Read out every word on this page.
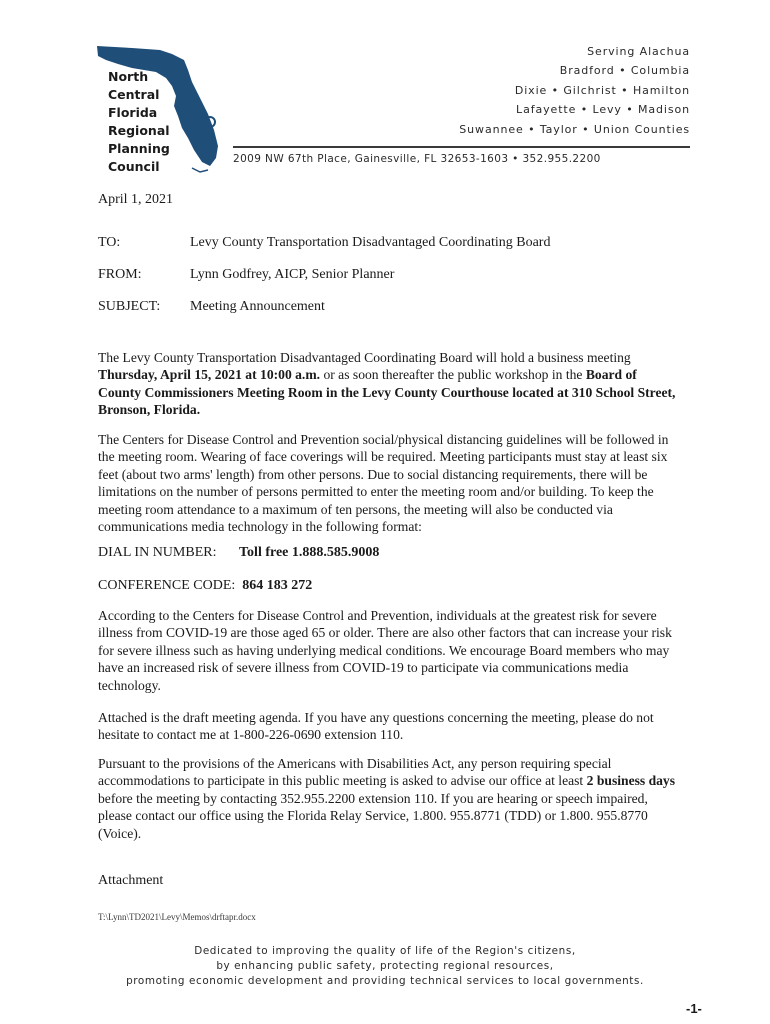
North
Central
Florida
Regional
Planning
Council
Serving Alachua
Bradford • Columbia
Dixie • Gilchrist • Hamilton
Lafayette • Levy • Madison
Suwannee • Taylor • Union Counties
2009 NW 67th Place, Gainesville, FL 32653-1603 • 352.955.2200
April 1, 2021
TO:	Levy County Transportation Disadvantaged Coordinating Board
FROM:	Lynn Godfrey, AICP, Senior Planner
SUBJECT: Meeting Announcement
The Levy County Transportation Disadvantaged Coordinating Board will hold a business meeting Thursday, April 15, 2021 at 10:00 a.m. or as soon thereafter the public workshop in the Board of County Commissioners Meeting Room in the Levy County Courthouse located at 310 School Street, Bronson, Florida.
The Centers for Disease Control and Prevention social/physical distancing guidelines will be followed in the meeting room. Wearing of face coverings will be required. Meeting participants must stay at least six feet (about two arms' length) from other persons. Due to social distancing requirements, there will be limitations on the number of persons permitted to enter the meeting room and/or building. To keep the meeting room attendance to a maximum of ten persons, the meeting will also be conducted via communications media technology in the following format:
DIAL IN NUMBER: Toll free 1.888.585.9008
CONFERENCE CODE: 864 183 272
According to the Centers for Disease Control and Prevention, individuals at the greatest risk for severe illness from COVID-19 are those aged 65 or older. There are also other factors that can increase your risk for severe illness such as having underlying medical conditions. We encourage Board members who may have an increased risk of severe illness from COVID-19 to participate via communications media technology.
Attached is the draft meeting agenda. If you have any questions concerning the meeting, please do not hesitate to contact me at 1-800-226-0690 extension 110.
Pursuant to the provisions of the Americans with Disabilities Act, any person requiring special accommodations to participate in this public meeting is asked to advise our office at least 2 business days before the meeting by contacting 352.955.2200 extension 110. If you are hearing or speech impaired, please contact our office using the Florida Relay Service, 1.800. 955.8771 (TDD) or 1.800. 955.8770 (Voice).
Attachment
T:\Lynn\TD2021\Levy\Memos\drftapr.docx
Dedicated to improving the quality of life of the Region's citizens,
by enhancing public safety, protecting regional resources,
promoting economic development and providing technical services to local governments.
-1-
